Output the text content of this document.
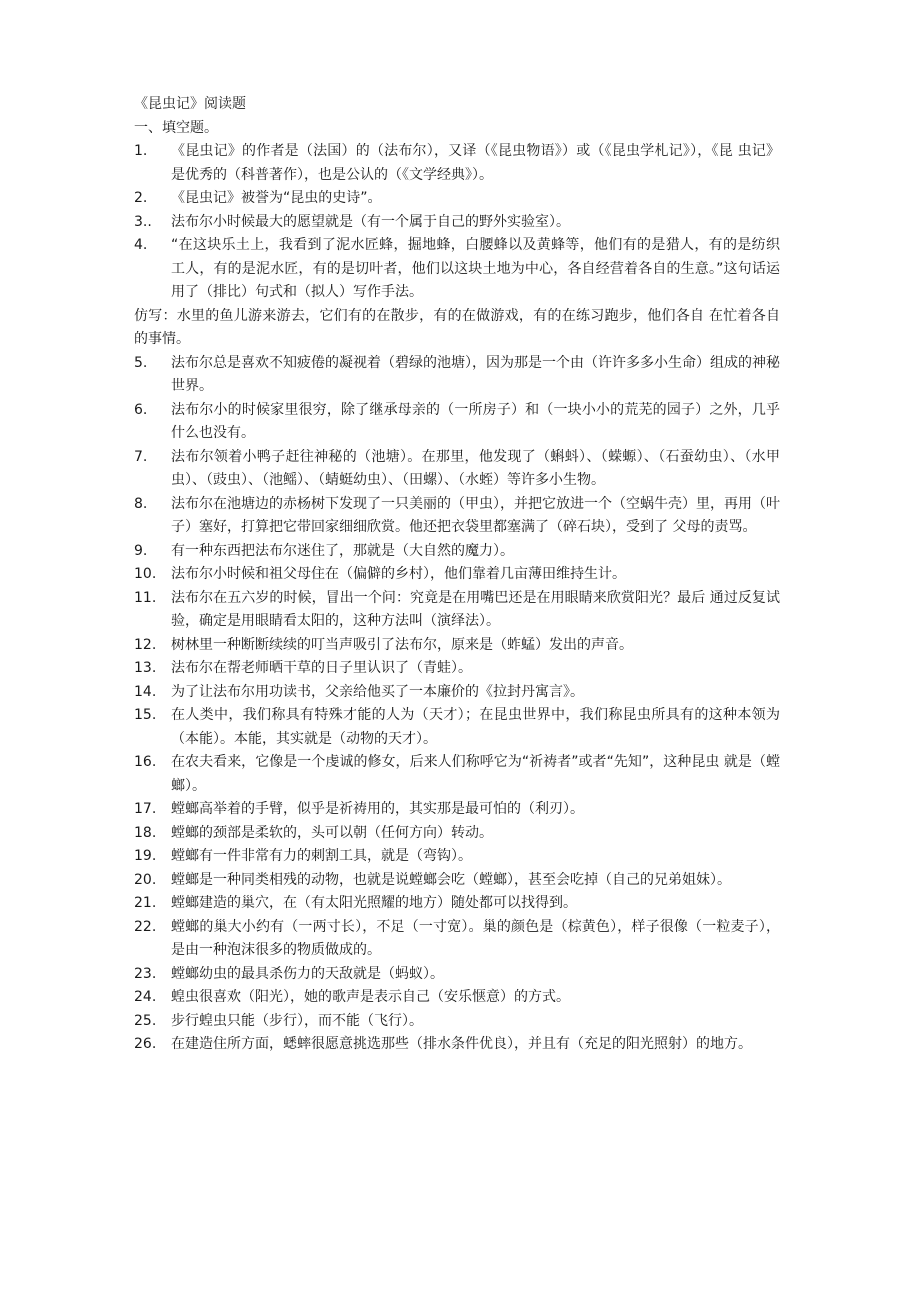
《昆虫记》阅读题
一、填空题。
1.	《昆虫记》的作者是（法国）的（法布尔），又译（《昆虫物语》）或（《昆虫学札记》），《昆 虫记》是优秀的（科普著作），也是公认的（《文学经典》）。
2.	《昆虫记》被誉为“昆虫的史诗”。
3..	法布尔小时候最大的愿望就是（有一个属于自己的野外实验室）。
4.	“在这块乐土上，我看到了泥水匠蜂，掘地蜂，白腰蜂以及黄蜂等，他们有的是猎人，有的是纺织工人，有的是泥水匠，有的是切叶者，他们以这块土地为中心，各自经营着各自的生意。”这句话运用了（排比）句式和（拟人）写作手法。
仿写：水里的鱼儿游来游去，它们有的在散步，有的在做游戏，有的在练习跑步，他们各自 在忙着各自的事情。
5.	法布尔总是喜欢不知疲倦的凝视着（碧绿的池塘），因为那是一个由（许许多多小生命）组成的神秘世界。
6.	法布尔小的时候家里很穷，除了继承母亲的（一所房子）和（一块小小的荒芜的园子）之外，几乎什么也没有。
7.	法布尔领着小鸭子赶往神秘的（池塘）。在那里，他发现了（蝌蚪）、（蝾螈）、（石蚕幼虫）、（水甲虫）、（豉虫）、（池鳐）、（蜻蜓幼虫）、（田螺）、（水蛭）等许多小生物。
8.	法布尔在池塘边的赤杨树下发现了一只美丽的（甲虫），并把它放进一个（空蜗牛壳）里，再用（叶子）塞好，打算把它带回家细细欣赏。他还把衣袋里都塞满了（碎石块），受到了 父母的责骂。
9.	有一种东西把法布尔迷住了，那就是（大自然的魔力）。
10.	法布尔小时候和祖父母住在（偏僻的乡村），他们靠着几亩薄田维持生计。
11.	法布尔在五六岁的时候，冒出一个问：究竟是在用嘴巴还是在用眼睛来欣赏阳光？最后 通过反复试验，确定是用眼睛看太阳的，这种方法叫（演绎法）。
12.	树林里一种断断续续的叮当声吸引了法布尔，原来是（蚱蜢）发出的声音。
13.	法布尔在帮老师晒干草的日子里认识了（青蛙）。
14.	为了让法布尔用功读书，父亲给他买了一本廉价的《拉封丹寓言》。
15.	在人类中，我们称具有特殊才能的人为（天才）；在昆虫世界中，我们称昆虫所具有的这种本领为（本能）。本能，其实就是（动物的天才）。
16.	在农夫看来，它像是一个虔诚的修女，后来人们称呼它为“祈祷者”或者“先知”，这种昆虫 就是（螳螂）。
17.	螳螂高举着的手臂，似乎是祈祷用的，其实那是最可怕的（利刃）。
18.	螳螂的颈部是柔软的，头可以朝（任何方向）转动。
19.	螳螂有一件非常有力的刺割工具，就是（弯钩）。
20.	螳螂是一种同类相残的动物，也就是说螳螂会吃（螳螂），甚至会吃掉（自己的兄弟姐妹）。
21.	螳螂建造的巢穴，在（有太阳光照耀的地方）随处都可以找得到。
22.	螳螂的巢大小约有（一两寸长），不足（一寸宽）。巢的颜色是（棕黄色），样子很像（一粒麦子），是由一种泡沫很多的物质做成的。
23.	螳螂幼虫的最具杀伤力的天敌就是（蚂蚁）。
24.	蝗虫很喜欢（阳光），她的歌声是表示自己（安乐惬意）的方式。
25.	步行蝗虫只能（步行），而不能（飞行）。
26.	在建造住所方面，蟋蟀很愿意挑选那些（排水条件优良），并且有（充足的阳光照射）的地方。
